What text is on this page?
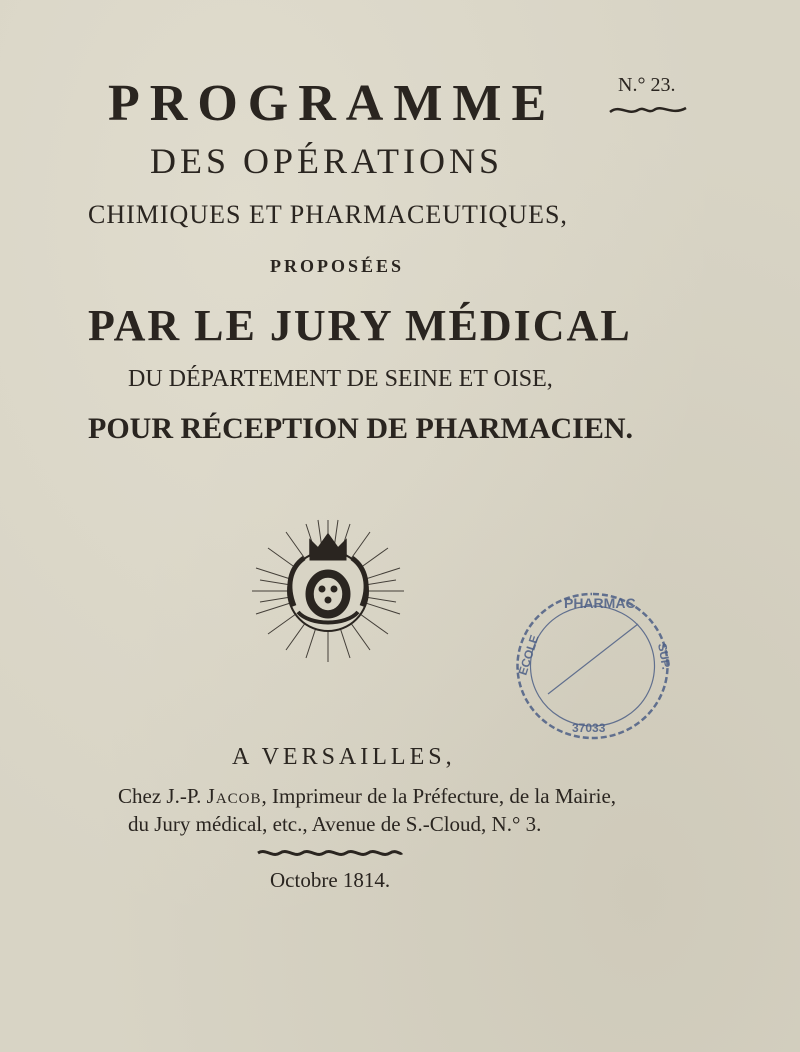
PROGRAMME	N.° 23.
DES OPÉRATIONS
CHIMIQUES ET PHARMACEUTIQUES,
PROPOSÉES
PAR LE JURY MÉDICAL
DU DÉPARTEMENT DE SEINE ET OISE,
POUR RÉCEPTION DE PHARMACIEN.
PHARMAC
ÉCOLE	SUP.
37033
A VERSAILLES,
Chez J.-P. Jacob, Imprimeur de la Préfecture, de la Mairie,
du Jury médical, etc., Avenue de S.-Cloud, N.° 3.
Octobre 1814.
